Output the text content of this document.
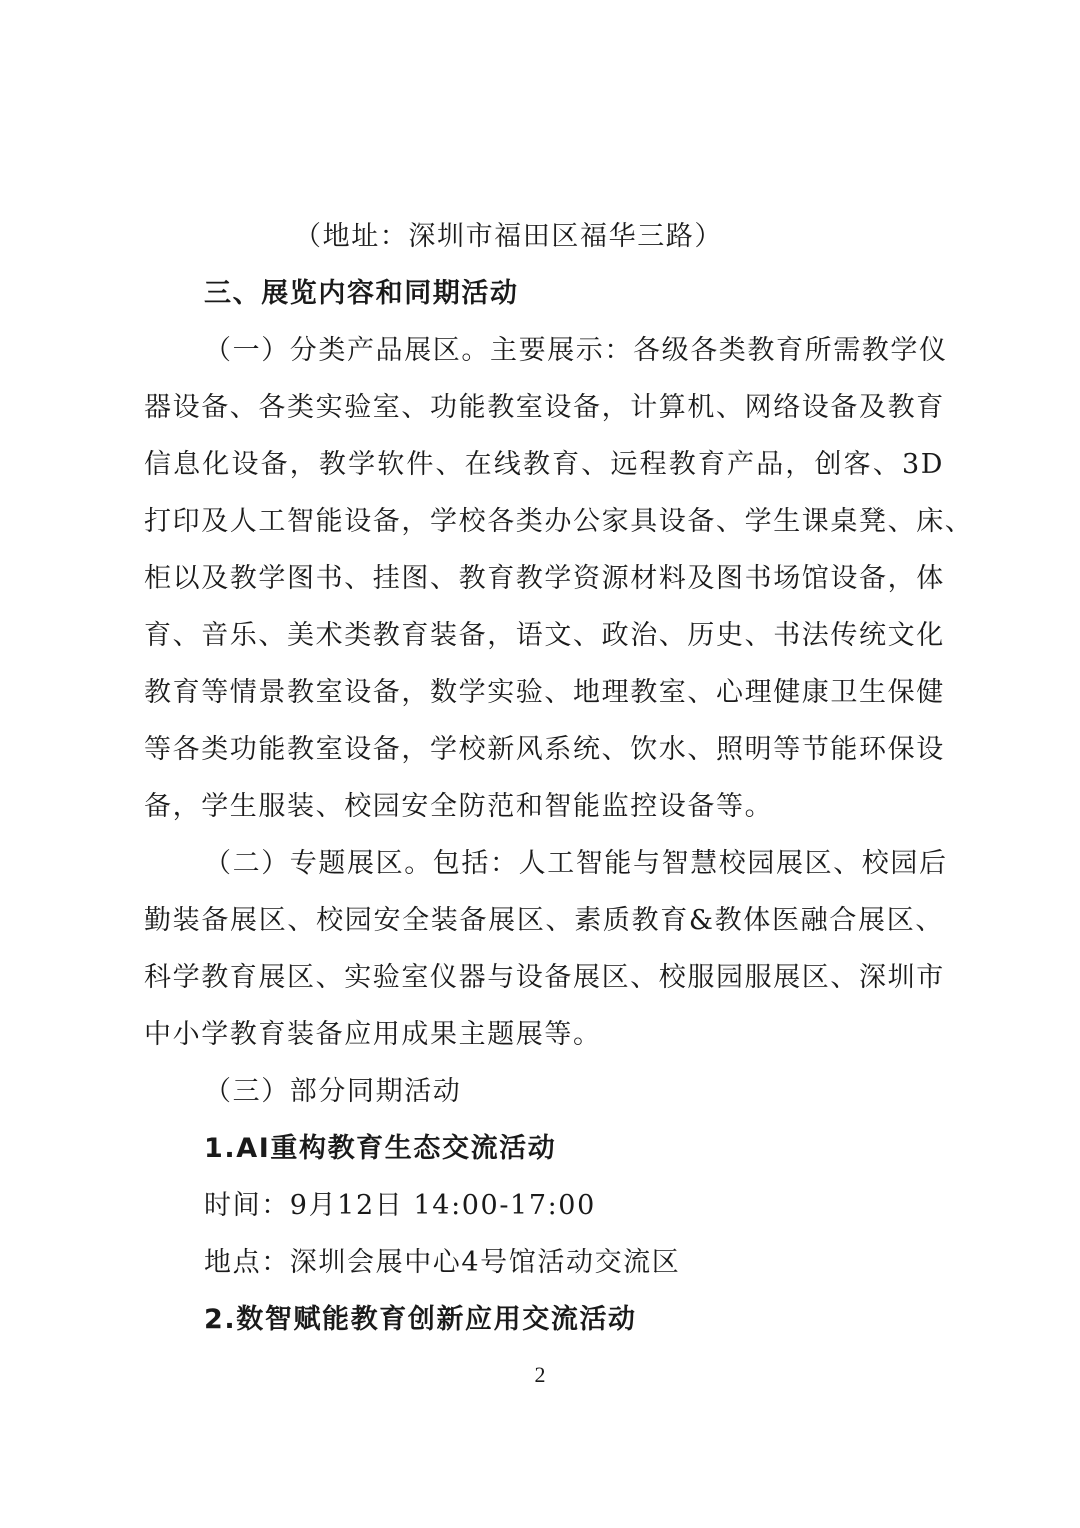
（地址：深圳市福田区福华三路）
三、展览内容和同期活动
（一）分类产品展区。主要展示：各级各类教育所需教学仪
器设备、各类实验室、功能教室设备，计算机、网络设备及教育
信息化设备，教学软件、在线教育、远程教育产品，创客、3D
打印及人工智能设备，学校各类办公家具设备、学生课桌凳、床、
柜以及教学图书、挂图、教育教学资源材料及图书场馆设备，体
育、音乐、美术类教育装备，语文、政治、历史、书法传统文化
教育等情景教室设备，数学实验、地理教室、心理健康卫生保健
等各类功能教室设备，学校新风系统、饮水、照明等节能环保设
备，学生服装、校园安全防范和智能监控设备等。
（二）专题展区。包括：人工智能与智慧校园展区、校园后
勤装备展区、校园安全装备展区、素质教育&教体医融合展区、
科学教育展区、实验室仪器与设备展区、校服园服展区、深圳市
中小学教育装备应用成果主题展等。
（三）部分同期活动
1.AI重构教育生态交流活动
时间：9月12日 14:00-17:00
地点：深圳会展中心4号馆活动交流区
2.数智赋能教育创新应用交流活动
2
